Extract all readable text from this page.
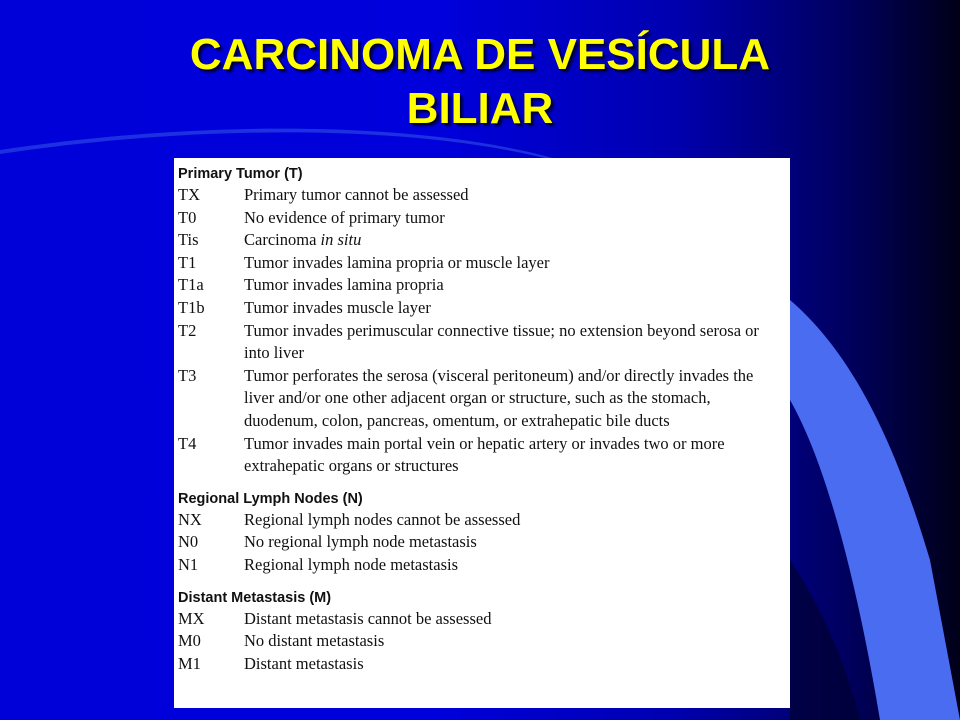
CARCINOMA DE VESÍCULA
BILIAR
Primary Tumor (T)
TX	Primary tumor cannot be assessed
T0	No evidence of primary tumor
Tis	Carcinoma in situ
T1	Tumor invades lamina propria or muscle layer
T1a	Tumor invades lamina propria
T1b	Tumor invades muscle layer
T2	Tumor invades perimuscular connective tissue; no extension beyond serosa or into liver
T3	Tumor perforates the serosa (visceral peritoneum) and/or directly invades the liver and/or one other adjacent organ or structure, such as the stomach, duodenum, colon, pancreas, omentum, or extrahepatic bile ducts
T4	Tumor invades main portal vein or hepatic artery or invades two or more extrahepatic organs or structures
Regional Lymph Nodes (N)
NX	Regional lymph nodes cannot be assessed
N0	No regional lymph node metastasis
N1	Regional lymph node metastasis
Distant Metastasis (M)
MX	Distant metastasis cannot be assessed
M0	No distant metastasis
M1	Distant metastasis
